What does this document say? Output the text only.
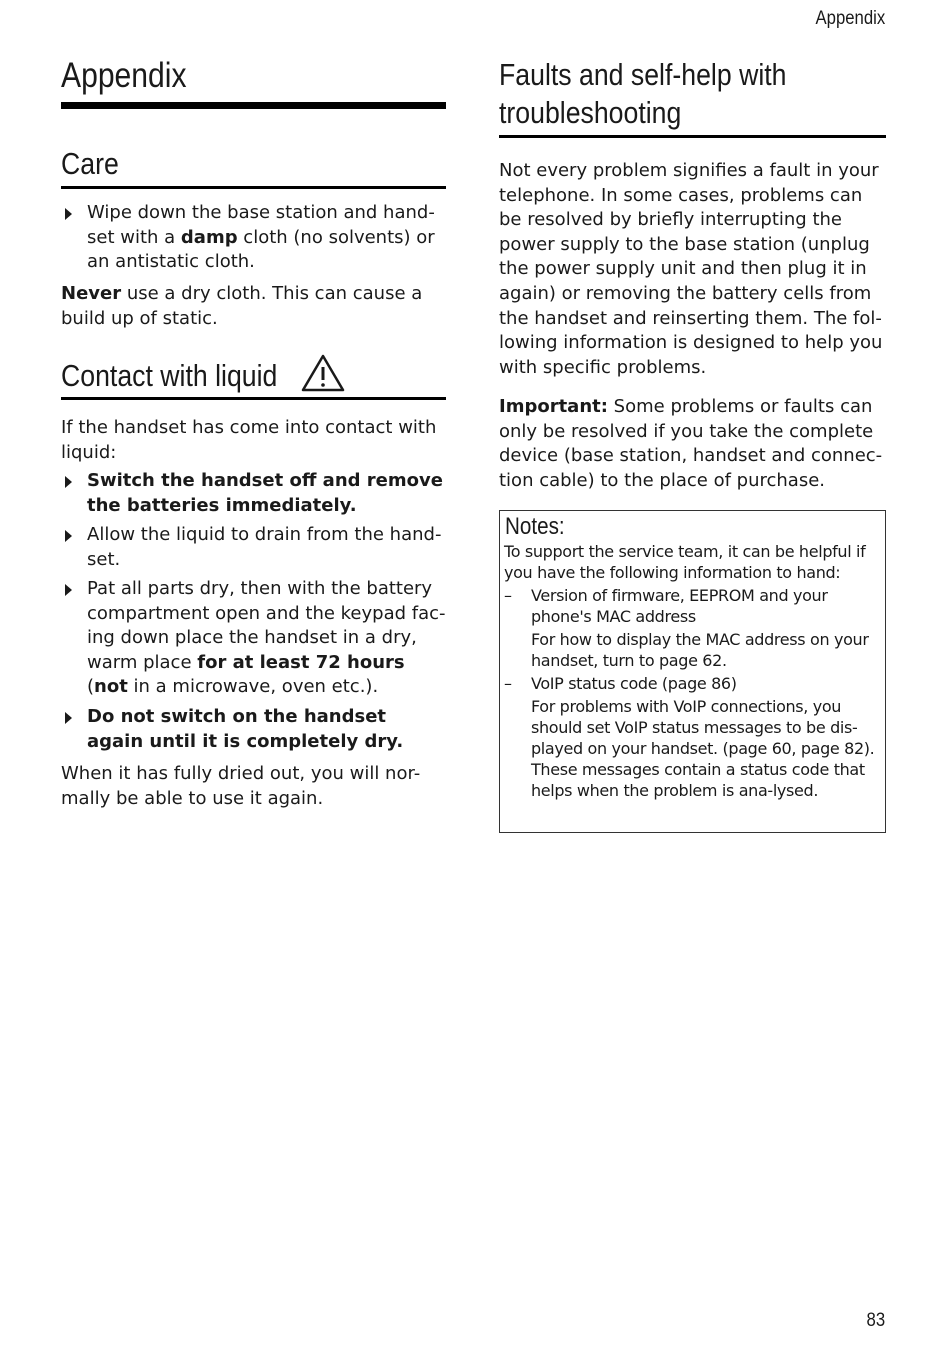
Appendix
Appendix
Care
Wipe down the base station and hand-set with a damp cloth (no solvents) or an antistatic cloth.

Never use a dry cloth. This can cause a build up of static.

Contact with liquid

If the handset has come into contact with liquid:

Switch the handset off and remove the batteries immediately.
Allow the liquid to drain from the hand-set.
Pat all parts dry, then with the battery compartment open and the keypad fac-ing down place the handset in a dry, warm place for at least 72 hours (not in a microwave, oven etc.).
Do not switch on the handset again until it is completely dry.

When it has fully dried out, you will nor-mally be able to use it again.

Faults and self-help with troubleshooting

Not every problem signifies a fault in your telephone. In some cases, problems can be resolved by briefly interrupting the power supply to the base station (unplug the power supply unit and then plug it in again) or removing the battery cells from the handset and reinserting them. The fol-lowing information is designed to help you with specific problems.

Important: Some problems or faults can only be resolved if you take the complete device (base station, handset and connec-tion cable) to the place of purchase.

Notes:
To support the service team, it can be helpful if you have the following information to hand:
– Version of firmware, EEPROM and your phone's MAC address
For how to display the MAC address on your handset, turn to page 62.
– VoIP status code (page 86)
For problems with VoIP connections, you should set VoIP status messages to be dis-played on your handset. (page 60, page 82). These messages contain a status code that helps when the problem is ana-lysed.
83
